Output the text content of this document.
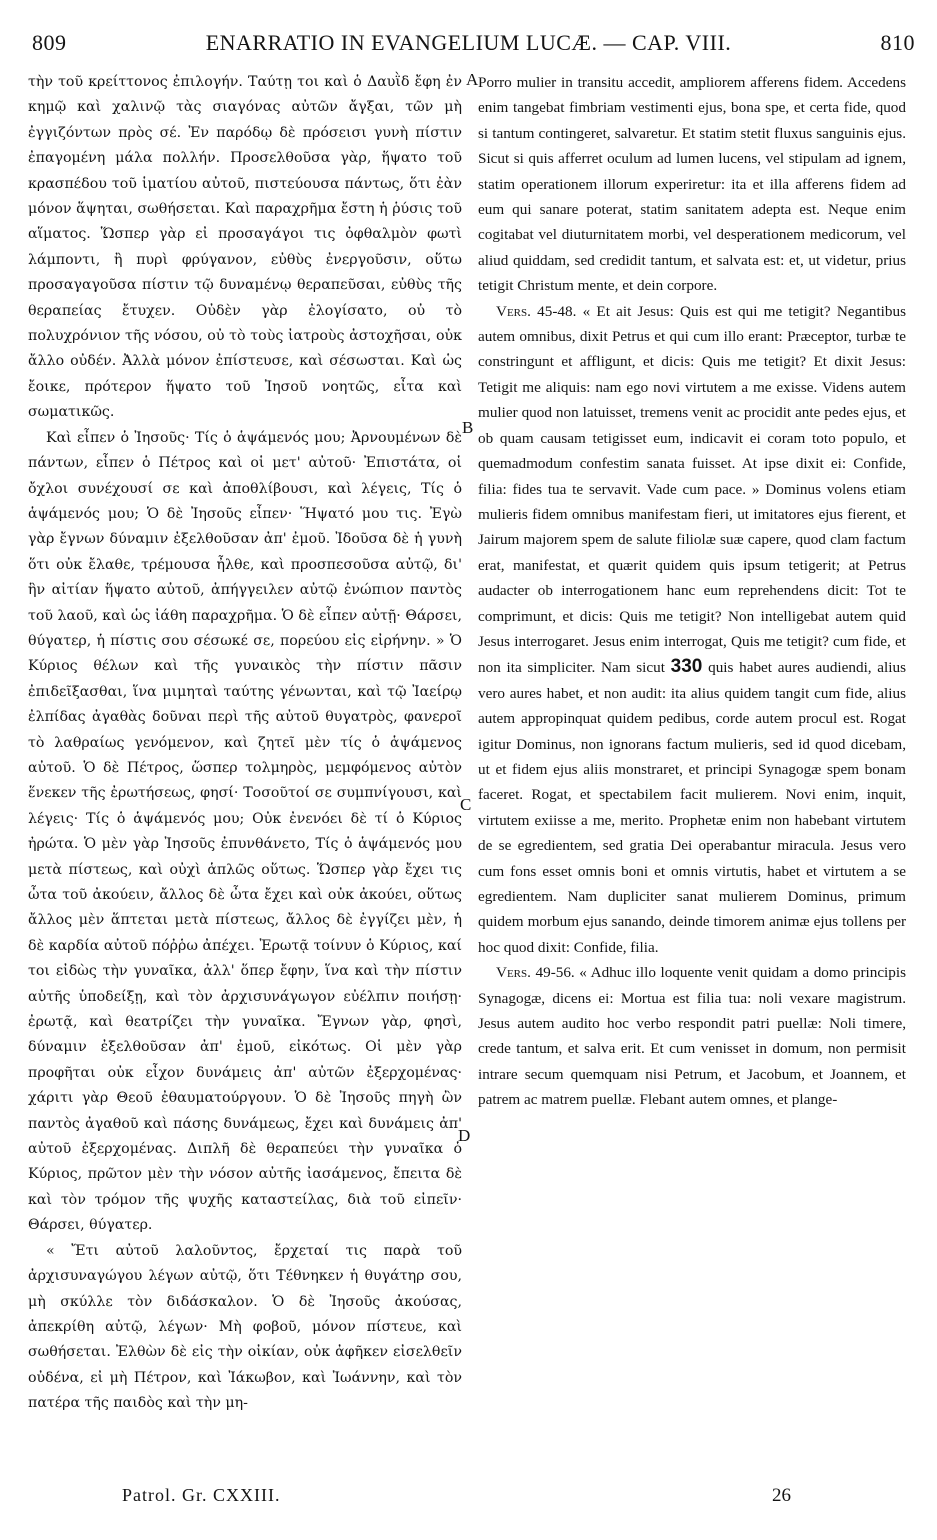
809	ENARRATIO IN EVANGELIUM LUCÆ. — CAP. VIII.	810

τὴν τοῦ κρείττονος ἐπιλογήν. Ταύτῃ τοι καὶ ὁ Δαυῒδ ἔφη ἐν κημῷ καὶ χαλινῷ τὰς σιαγόνας αὐτῶν ἄγξαι, τῶν μὴ ἐγγιζόντων πρὸς σέ. Ἐν παρόδῳ δὲ πρόσεισι γυνὴ πίστιν ἐπαγομένη μάλα πολλήν. Προσελθοῦσα γὰρ, ἥψατο τοῦ κρασπέδου τοῦ ἱματίου αὐτοῦ, πιστεύουσα πάντως, ὅτι ἐὰν μόνον ἅψηται, σωθήσεται. Καὶ παραχρῆμα ἔστη ἡ ῥύσις τοῦ αἵματος. Ὥσπερ γὰρ εἰ προσαγάγοι τις ὀφθαλμὸν φωτὶ λάμποντι, ἢ πυρὶ φρύγανον, εὐθὺς ἐνεργοῦσιν, οὕτω προσαγαγοῦσα πίστιν τῷ δυναμένῳ θεραπεῦσαι, εὐθὺς τῆς θεραπείας ἔτυχεν. Οὐδὲν γὰρ ἐλογίσατο, οὐ τὸ πολυχρόνιον τῆς νόσου, οὐ τὸ τοὺς ἰατροὺς ἀστοχῆσαι, οὐκ ἄλλο οὐδέν. Ἀλλὰ μόνον ἐπίστευσε, καὶ σέσωσται. Καὶ ὡς ἔοικε, πρότερον ἥψατο τοῦ Ἰησοῦ νοητῶς, εἶτα καὶ σωματικῶς.

Καὶ εἶπεν ὁ Ἰησοῦς· Τίς ὁ ἁψάμενός μου; Ἀρνουμένων δὲ πάντων, εἶπεν ὁ Πέτρος καὶ οἱ μετ' αὐτοῦ· Ἐπιστάτα, οἱ ὄχλοι συνέχουσί σε καὶ ἀποθλίβουσι, καὶ λέγεις, Τίς ὁ ἁψάμενός μου; Ὁ δὲ Ἰησοῦς εἶπεν· Ἥψατό μου τις. Ἐγὼ γὰρ ἔγνων δύναμιν ἐξελθοῦσαν ἀπ' ἐμοῦ. Ἰδοῦσα δὲ ἡ γυνὴ ὅτι οὐκ ἔλαθε, τρέμουσα ἦλθε, καὶ προσπεσοῦσα αὐτῷ, δι' ἣν αἰτίαν ἥψατο αὐτοῦ, ἀπήγγειλεν αὐτῷ ἐνώπιον παντὸς τοῦ λαοῦ, καὶ ὡς ἰάθη παραχρῆμα. Ὁ δὲ εἶπεν αὐτῇ· Θάρσει, θύγατερ, ἡ πίστις σου σέσωκέ σε, πορεύου εἰς εἰρήνην. » Ὁ Κύριος θέλων καὶ τῆς γυναικὸς τὴν πίστιν πᾶσιν ἐπιδεῖξασθαι, ἵνα μιμηταὶ ταύτης γένωνται, καὶ τῷ Ἰαείρῳ ἐλπίδας ἀγαθὰς δοῦναι περὶ τῆς αὐτοῦ θυγατρὸς, φανεροῖ τὸ λαθραίως γενόμενον, καὶ ζητεῖ μὲν τίς ὁ ἁψάμενος αὐτοῦ. Ὁ δὲ Πέτρος, ὥσπερ τολμηρὸς, μεμφόμενος αὐτὸν ἕνεκεν τῆς ἐρωτήσεως, φησί· Τοσοῦτοί σε συμπνίγουσι, καὶ λέγεις· Τίς ὁ ἁψάμενός μου; Οὐκ ἐνενόει δὲ τί ὁ Κύριος ἠρώτα. Ὁ μὲν γὰρ Ἰησοῦς ἐπυνθάνετο, Τίς ὁ ἁψάμενός μου μετὰ πίστεως, καὶ οὐχὶ ἁπλῶς οὕτως. Ὥσπερ γὰρ ἔχει τις ὦτα τοῦ ἀκούειν, ἄλλος δὲ ὦτα ἔχει καὶ οὐκ ἀκούει, οὕτως ἄλλος μὲν ἅπτεται μετὰ πίστεως, ἄλλος δὲ ἐγγίζει μὲν, ἡ δὲ καρδία αὐτοῦ πόῤῥω ἀπέχει. Ἐρωτᾷ τοίνυν ὁ Κύριος, καί τοι εἰδὼς τὴν γυναῖκα, ἀλλ' ὅπερ ἔφην, ἵνα καὶ τὴν πίστιν αὐτῆς ὑποδείξῃ, καὶ τὸν ἀρχισυνάγωγον εὐέλπιν ποιήσῃ· ἐρωτᾷ, καὶ θεατρίζει τὴν γυναῖκα. Ἔγνων γὰρ, φησὶ, δύναμιν ἐξελθοῦσαν ἀπ' ἐμοῦ, εἰκότως. Οἱ μὲν γὰρ προφῆται οὐκ εἶχον δυνάμεις ἀπ' αὐτῶν ἐξερχομένας· χάριτι γὰρ Θεοῦ ἐθαυματούργουν. Ὁ δὲ Ἰησοῦς πηγὴ ὢν παντὸς ἀγαθοῦ καὶ πάσης δυνάμεως, ἔχει καὶ δυνάμεις ἀπ' αὐτοῦ ἐξερχομένας. Διπλῆ δὲ θεραπεύει τὴν γυναῖκα ὁ Κύριος, πρῶτον μὲν τὴν νόσον αὐτῆς ἰασάμενος, ἔπειτα δὲ καὶ τὸν τρόμον τῆς ψυχῆς καταστείλας, διὰ τοῦ εἰπεῖν· Θάρσει, θύγατερ.

« Ἔτι αὐτοῦ λαλοῦντος, ἔρχεταί τις παρὰ τοῦ ἀρχισυναγώγου λέγων αὐτῷ, ὅτι Τέθνηκεν ἡ θυγάτηρ σου, μὴ σκύλλε τὸν διδάσκαλον. Ὁ δὲ Ἰησοῦς ἀκούσας, ἀπεκρίθη αὐτῷ, λέγων· Μὴ φοβοῦ, μόνον πίστευε, καὶ σωθήσεται. Ἐλθὼν δὲ εἰς τὴν οἰκίαν, οὐκ ἀφῆκεν εἰσελθεῖν οὐδένα, εἰ μὴ Πέτρον, καὶ Ἰάκωβον, καὶ Ἰωάννην, καὶ τὸν πατέρα τῆς παιδὸς καὶ τὴν μη-

A
B
C
D

Porro mulier in transitu accedit, ampliorem afferens fidem. Accedens enim tangebat fimbriam vestimenti ejus, bona spe, et certa fide, quod si tantum contingeret, salvaretur. Et statim stetit fluxus sanguinis ejus. Sicut si quis afferret oculum ad lumen lucens, vel stipulam ad ignem, statim operationem illorum experiretur: ita et illa afferens fidem ad eum qui sanare poterat, statim sanitatem adepta est. Neque enim cogitabat vel diuturnitatem morbi, vel desperationem medicorum, vel aliud quiddam, sed credidit tantum, et salvata est: et, ut videtur, prius tetigit Christum mente, et dein corpore.

Vers. 45-48. « Et ait Jesus: Quis est qui me tetigit? Negantibus autem omnibus, dixit Petrus et qui cum illo erant: Præceptor, turbæ te constringunt et affligunt, et dicis: Quis me tetigit? Et dixit Jesus: Tetigit me aliquis: nam ego novi virtutem a me exisse. Videns autem mulier quod non latuisset, tremens venit ac procidit ante pedes ejus, et ob quam causam tetigisset eum, indicavit ei coram toto populo, et quemadmodum confestim sanata fuisset. At ipse dixit ei: Confide, filia: fides tua te servavit. Vade cum pace. » Dominus volens etiam mulieris fidem omnibus manifestam fieri, ut imitatores ejus fierent, et Jairum majorem spem de salute filiolæ suæ capere, quod clam factum erat, manifestat, et quærit quidem quis ipsum tetigerit; at Petrus audacter ob interrogationem hanc eum reprehendens dicit: Tot te comprimunt, et dicis: Quis me tetigit? Non intelligebat autem quid Jesus interrogaret. Jesus enim interrogat, Quis me tetigit? cum fide, et non ita simpliciter. Nam sicut 330 quis habet aures audiendi, alius vero aures habet, et non audit: ita alius quidem tangit cum fide, alius autem appropinquat quidem pedibus, corde autem procul est. Rogat igitur Dominus, non ignorans factum mulieris, sed id quod dicebam, ut et fidem ejus aliis monstraret, et principi Synagogæ spem bonam faceret. Rogat, et spectabilem facit mulierem. Novi enim, inquit, virtutem exiisse a me, merito. Prophetæ enim non habebant virtutem de se egredientem, sed gratia Dei operabantur miracula. Jesus vero cum fons esset omnis boni et omnis virtutis, habet et virtutem a se egredientem. Nam dupliciter sanat mulierem Dominus, primum quidem morbum ejus sanando, deinde timorem animæ ejus tollens per hoc quod dixit: Confide, filia.

Vers. 49-56. « Adhuc illo loquente venit quidam a domo principis Synagogæ, dicens ei: Mortua est filia tua: noli vexare magistrum. Jesus autem audito hoc verbo respondit patri puellæ: Noli timere, crede tantum, et salva erit. Et cum venisset in domum, non permisit intrare secum quemquam nisi Petrum, et Jacobum, et Joannem, et patrem ac matrem puellæ. Flebant autem omnes, et plange-

Patrol. Gr. CXXIII.	26
